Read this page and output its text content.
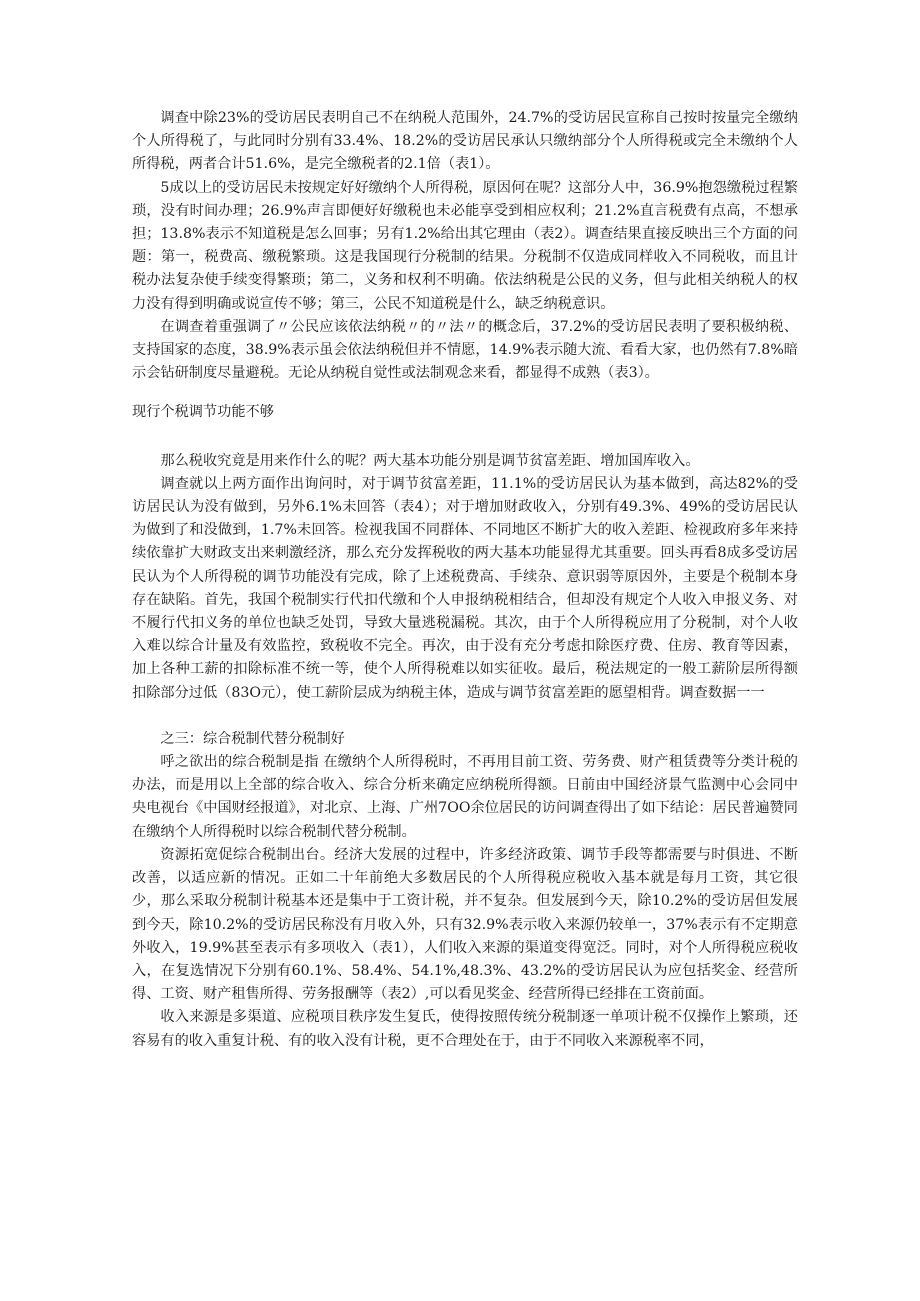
调查中除23%的受访居民表明自己不在纳税人范围外，24.7%的受访居民宣称自己按时按量完全缴纳个人所得税了，与此同时分别有33.4%、18.2%的受访居民承认只缴纳部分个人所得税或完全未缴纳个人所得税，两者合计51.6%，是完全缴税者的2.1倍（表1）。

5成以上的受访居民未按规定好好缴纳个人所得税，原因何在呢？这部分人中，36.9%抱怨缴税过程繁琐，没有时间办理；26.9%声言即便好好缴税也未必能享受到相应权利；21.2%直言税费有点高，不想承担；13.8%表示不知道税是怎么回事；另有1.2%给出其它理由（表2）。调查结果直接反映出三个方面的问题：第一，税费高、缴税繁琐。这是我国现行分税制的结果。分税制不仅造成同样收入不同税收，而且计税办法复杂使手续变得繁琐；第二，义务和权利不明确。依法纳税是公民的义务，但与此相关纳税人的权力没有得到明确或说宣传不够；第三，公民不知道税是什么，缺乏纳税意识。

在调查着重强调了〃公民应该依法纳税〃的〃法〃的概念后，37.2%的受访居民表明了要积极纳税、支持国家的态度，38.9%表示虽会依法纳税但并不情愿，14.9%表示随大流、看看大家，也仍然有7.8%暗示会钻研制度尽量避税。无论从纳税自觉性或法制观念来看，都显得不成熟（表3）。

现行个税调节功能不够

那么税收究竟是用来作什么的呢？两大基本功能分别是调节贫富差距、增加国库收入。

调查就以上两方面作出询问时，对于调节贫富差距，11.1%的受访居民认为基本做到，高达82%的受访居民认为没有做到，另外6.1%未回答（表4）；对于增加财政收入，分别有49.3%、49%的受访居民认为做到了和没做到，1.7%未回答。检视我国不同群体、不同地区不断扩大的收入差距、检视政府多年来持续依靠扩大财政支出来刺激经济，那么充分发挥税收的两大基本功能显得尤其重要。回头再看8成多受访居民认为个人所得税的调节功能没有完成，除了上述税费高、手续杂、意识弱等原因外，主要是个税制本身存在缺陷。首先，我国个税制实行代扣代缴和个人申报纳税相结合，但却没有规定个人收入申报义务、对不履行代扣义务的单位也缺乏处罚，导致大量逃税漏税。其次，由于个人所得税应用了分税制，对个人收入难以综合计量及有效监控，致税收不完全。再次，由于没有充分考虑扣除医疗费、住房、教育等因素，加上各种工薪的扣除标准不统一等，使个人所得税难以如实征收。最后，税法规定的一般工薪阶层所得额扣除部分过低（83O元），使工薪阶层成为纳税主体，造成与调节贫富差距的愿望相背。调查数据一一

之三：综合税制代替分税制好

呼之欲出的综合税制是指 在缴纳个人所得税时，不再用目前工资、劳务费、财产租赁费等分类计税的办法，而是用以上全部的综合收入、综合分析来确定应纳税所得额。日前由中国经济景气监测中心会同中央电视台《中国财经报道》，对北京、上海、广州7OO余位居民的访问调查得出了如下结论：居民普遍赞同在缴纳个人所得税时以综合税制代替分税制。

资源拓宽促综合税制出台。经济大发展的过程中，许多经济政策、调节手段等都需要与时俱进、不断改善，以适应新的情况。正如二十年前绝大多数居民的个人所得税应税收入基本就是每月工资，其它很少，那么采取分税制计税基本还是集中于工资计税，并不复杂。但发展到今天，除10.2%的受访居但发展到今天，除10.2%的受访居民称没有月收入外，只有32.9%表示收入来源仍较单一，37%表示有不定期意外收入，19.9%甚至表示有多项收入（表1），人们收入来源的渠道变得宽泛。同时，对个人所得税应税收入，在复选情况下分别有60.1%、58.4%、54.1%,48.3%、43.2%的受访居民认为应包括奖金、经营所得、工资、财产租售所得、劳务报酬等（表2）,可以看见奖金、经营所得已经排在工资前面。

收入来源是多渠道、应税项目秩序发生复氏，使得按照传统分税制逐一单项计税不仅操作上繁琐，还容易有的收入重复计税、有的收入没有计税，更不合理处在于，由于不同收入来源税率不同，
